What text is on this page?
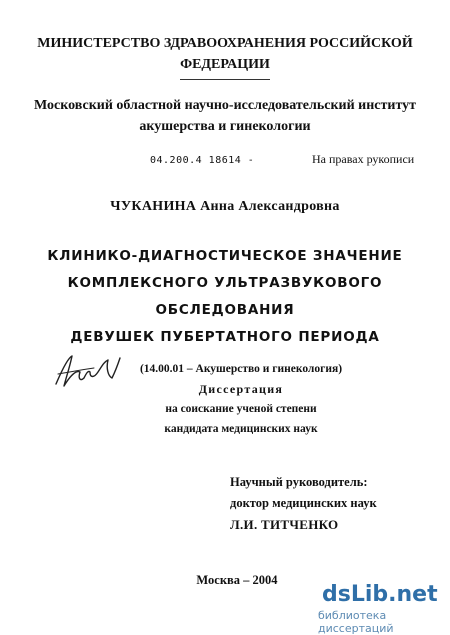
МИНИСТЕРСТВО ЗДРАВООХРАНЕНИЯ РОССИЙСКОЙ
ФЕДЕРАЦИИ
Московский областной научно-исследовательский институт
акушерства и гинекологии
04.200.4 18614 -	На правах рукописи
ЧУКАНИНА Анна Александровна
КЛИНИКО-ДИАГНОСТИЧЕСКОЕ ЗНАЧЕНИЕ
КОМПЛЕКСНОГО УЛЬТРАЗВУКОВОГО
ОБСЛЕДОВАНИЯ
ДЕВУШЕК ПУБЕРТАТНОГО ПЕРИОДА
(14.00.01 – Акушерство и гинекология)
Диссертация
на соискание ученой степени
кандидата медицинских наук
Научный руководитель:
доктор медицинских наук
Л.И. ТИТЧЕНКО
Москва – 2004
dsLib.net
библиотека диссертаций
